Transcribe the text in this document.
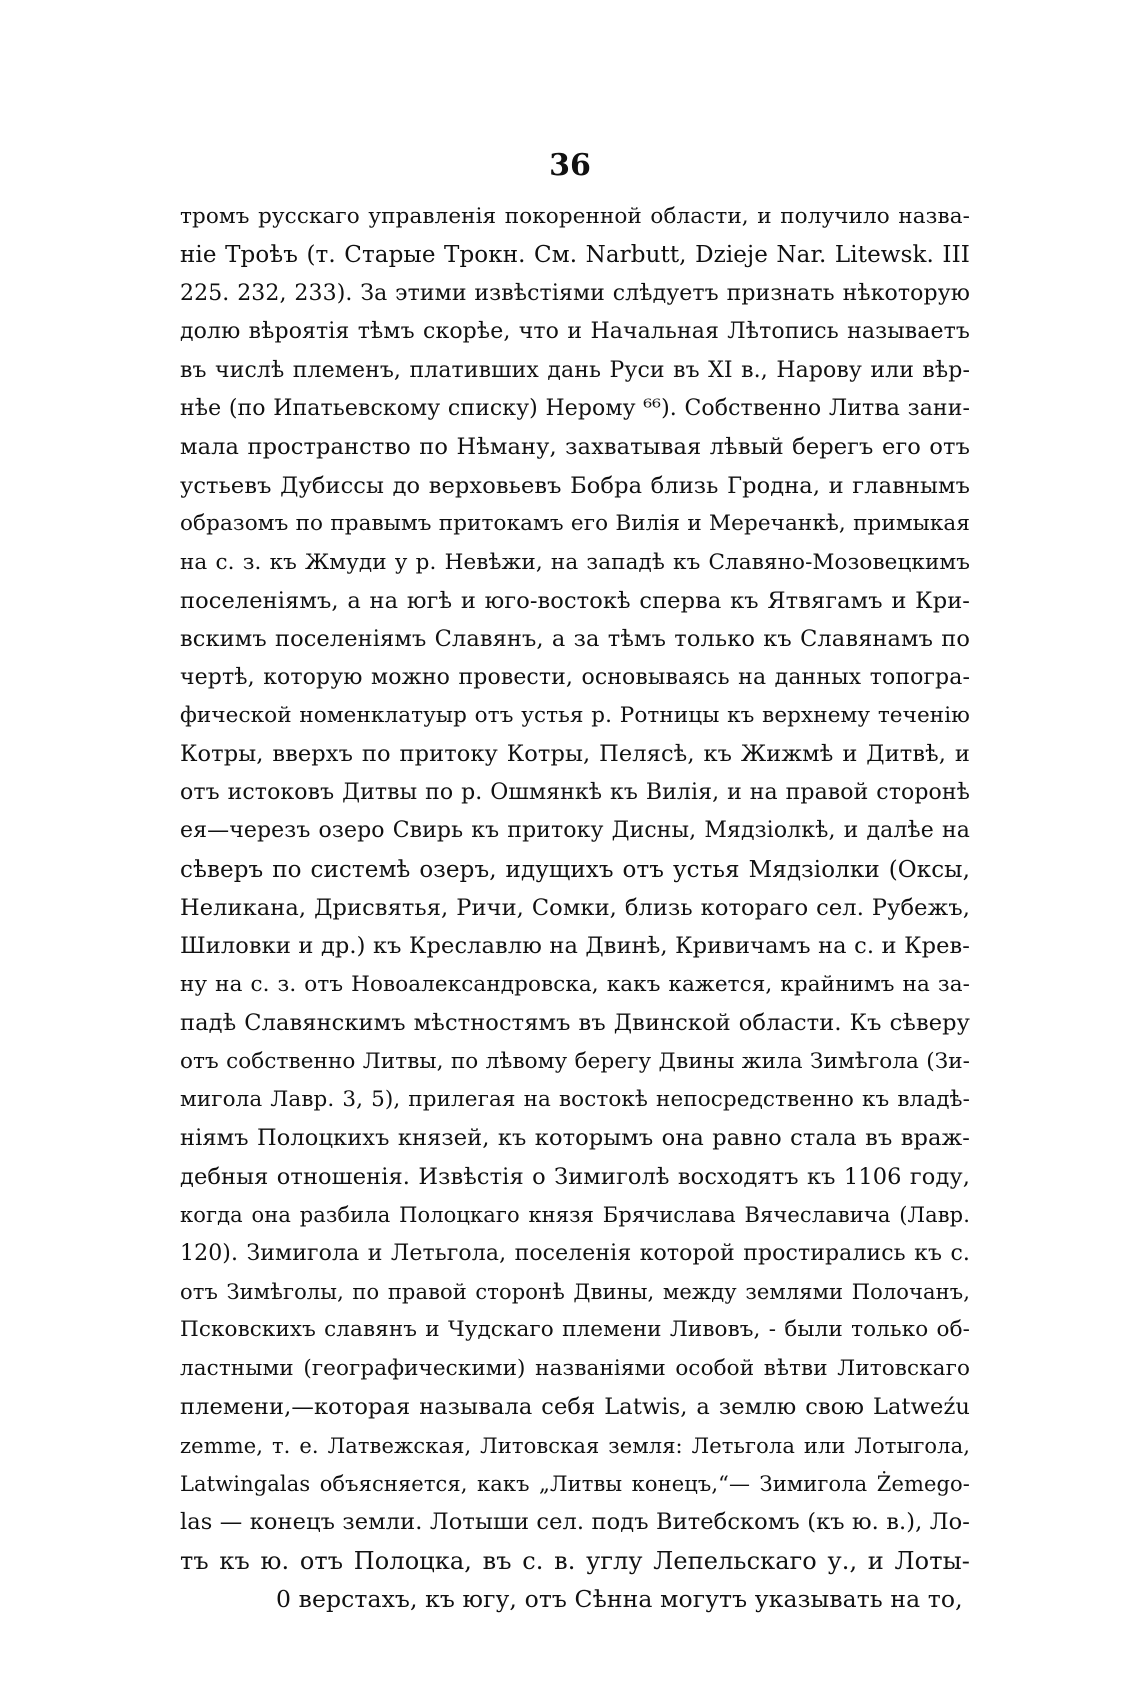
36
тромъ русскаго управленія покоренной области, и получило назва-
ніе Троѣъ (т. Старые Трокн. См. Narbutt, Dzieje Nar. Litewsk. III
225. 232, 233). За этими извѣстіями слѣдуетъ признать нѣкоторую
долю вѣроятія тѣмъ скорѣе, что и Начальная Лѣтопись называетъ
въ числѣ племенъ, плативших дань Руси въ XI в., Нарову или вѣр-
нѣе (по Ипатьевскому списку) Нерому ⁶⁶). Собственно Литва зани-
мала пространство по Нѣману, захватывая лѣвый берегъ его отъ
устьевъ Дубиссы до верховьевъ Бобра близь Гродна, и главнымъ
образомъ по правымъ притокамъ его Вилія и Меречанкѣ, примыкая
на с. з. къ Жмуди у р. Невѣжи, на западѣ къ Славяно-Мозовецкимъ
поселеніямъ, а на югѣ и юго-востокѣ сперва къ Ятвягамъ и Кри-
вскимъ поселеніямъ Славянъ, а за тѣмъ только къ Славянамъ по
чертѣ, которую можно провести, основываясь на данных топогра-
фической номенклатуыр отъ устья р. Ротницы къ верхнему теченію
Котры, вверхъ по притоку Котры, Пелясѣ, къ Жижмѣ и Дитвѣ, и
отъ истоковъ Дитвы по р. Ошмянкѣ къ Вилія, и на правой сторонѣ
ея—черезъ озеро Свирь къ притоку Дисны, Мядзіолкѣ, и далѣе на
сѣверъ по системѣ озеръ, идущихъ отъ устья Мядзіолки (Оксы,
Неликана, Дрисвятья, Ричи, Сомки, близь котораго сел. Рубежъ,
Шиловки и др.) къ Креславлю на Двинѣ, Кривичамъ на с. и Крев-
ну на с. з. отъ Новоалександровска, какъ кажется, крайнимъ на за-
падѣ Славянскимъ мѣстностямъ въ Двинской области. Къ сѣверу
отъ собственно Литвы, по лѣвому берегу Двины жила Зимѣгола (Зи-
мигола Лавр. 3, 5), прилегая на востокѣ непосредственно къ владѣ-
ніямъ Полоцкихъ князей, къ которымъ она равно стала въ враж-
дебныя отношенія. Извѣстія о Зимиголѣ восходятъ къ 1106 году,
когда она разбила Полоцкаго князя Брячислава Вячеславича (Лавр.
120). Зимигола и Летьгола, поселенія которой простирались къ с.
отъ Зимѣголы, по правой сторонѣ Двины, между землями Полочанъ,
Псковскихъ славянъ и Чудскаго племени Ливовъ, - были только об-
ластными (географическими) названіями особой вѣтви Литовскаго
племени,—которая называла себя Latwis, а землю свою Latweźu
zemme, т. е. Латвежская, Литовская земля: Летьгола или Лотыгола,
Latwingalas объясняется, какъ „Литвы конецъ,“— Зимигола Żemego-
las — конецъ земли. Лотыши сел. подъ Витебскомъ (къ ю. в.), Ло-
тъ къ ю. отъ Полоцка, въ с. в. углу Лепельскаго у., и Лоты-
0 верстахъ, къ югу, отъ Сѣнна могутъ указывать на то,
